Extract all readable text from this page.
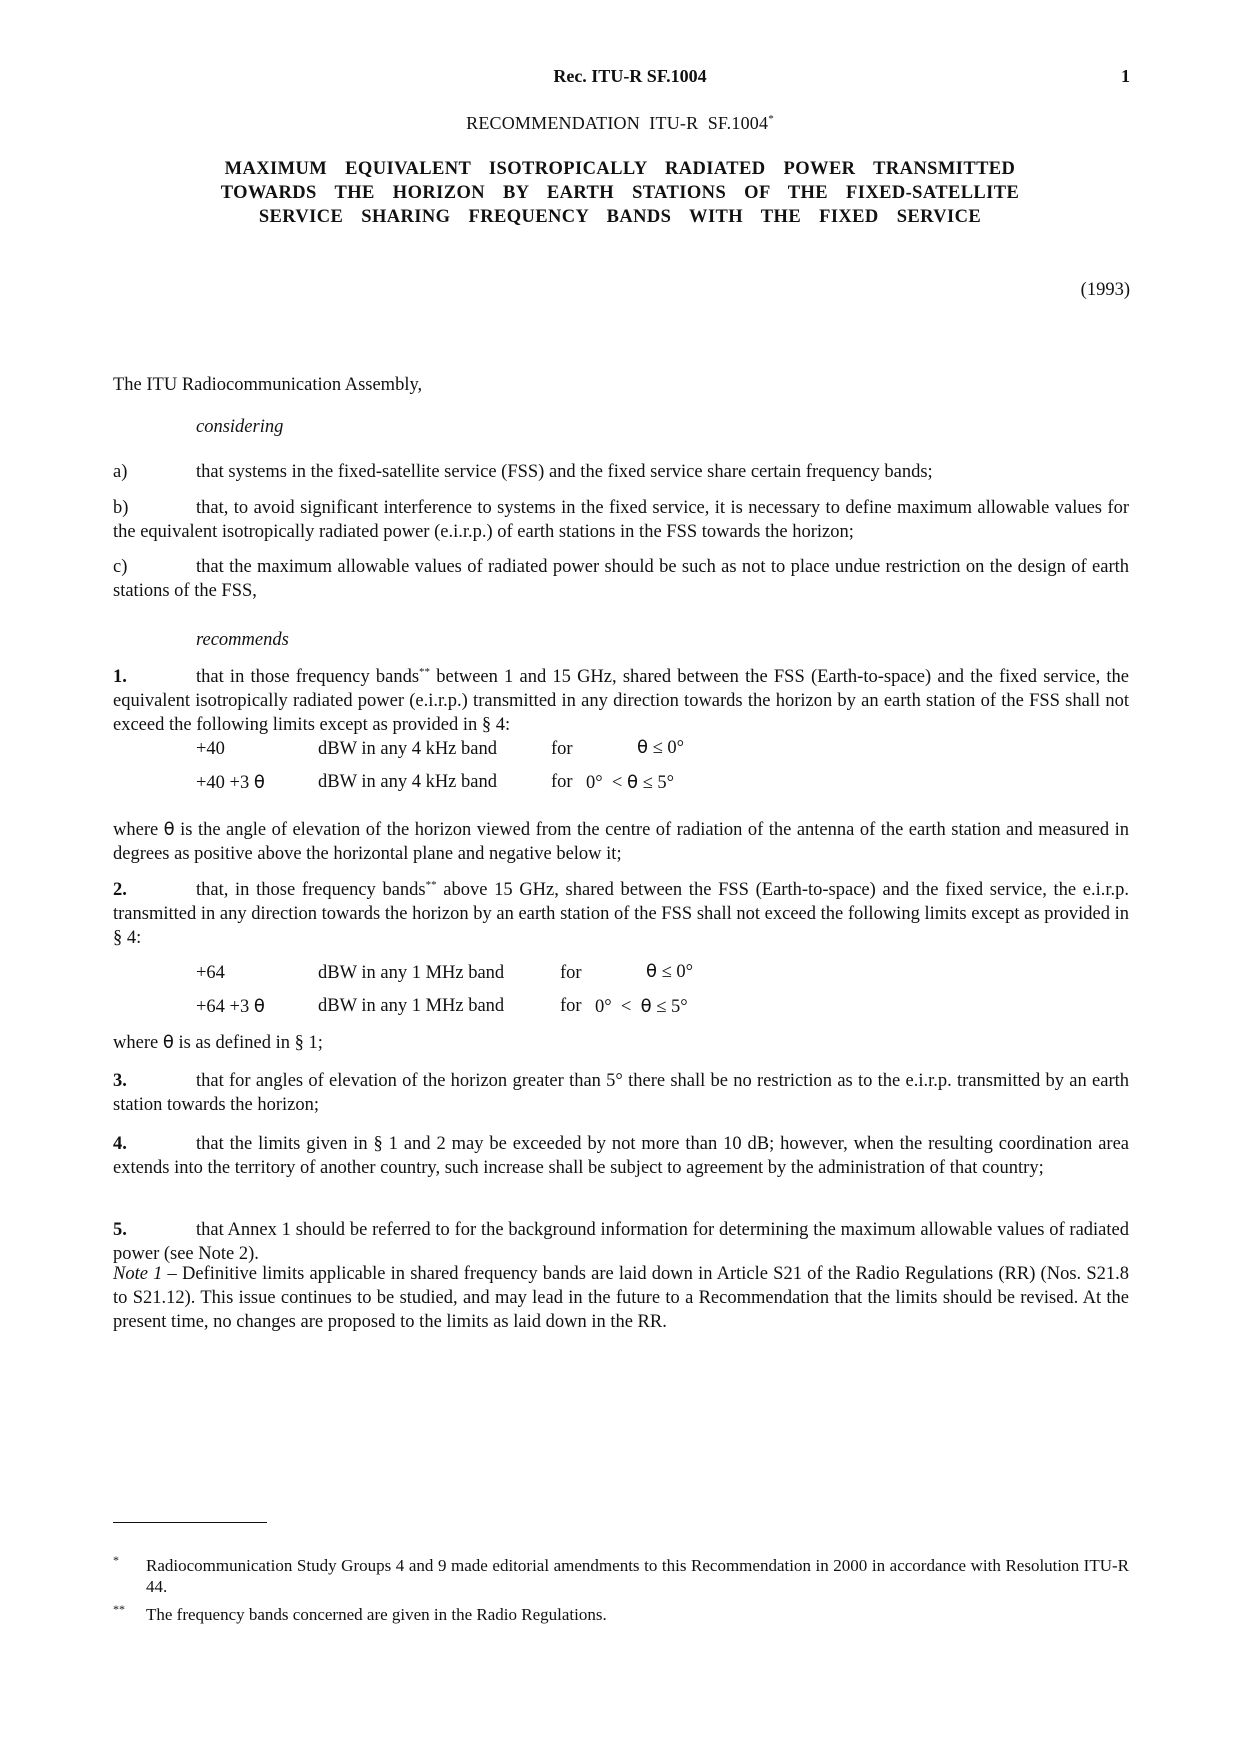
Rec. ITU-R SF.1004	1
RECOMMENDATION  ITU-R  SF.1004*
MAXIMUM  EQUIVALENT  ISOTROPICALLY  RADIATED  POWER  TRANSMITTED
TOWARDS  THE  HORIZON  BY  EARTH  STATIONS  OF  THE  FIXED-SATELLITE
SERVICE  SHARING  FREQUENCY  BANDS  WITH  THE  FIXED  SERVICE
(1993)
The ITU Radiocommunication Assembly,
considering
a)	that systems in the fixed-satellite service (FSS) and the fixed service share certain frequency bands;
b)	that, to avoid significant interference to systems in the fixed service, it is necessary to define maximum allowable values for the equivalent isotropically radiated power (e.i.r.p.) of earth stations in the FSS towards the horizon;
c)	that the maximum allowable values of radiated power should be such as not to place undue restriction on the design of earth stations of the FSS,
recommends
1.	that in those frequency bands** between 1 and 15 GHz, shared between the FSS (Earth-to-space) and the fixed service, the equivalent isotropically radiated power (e.i.r.p.) transmitted in any direction towards the horizon by an earth station of the FSS shall not exceed the following limits except as provided in § 4:
+40	dBW in any 4 kHz band	for	θ ≤ 0°
+40 +3 θ	dBW in any 4 kHz band	for 0°  < θ ≤ 5°
where θ is the angle of elevation of the horizon viewed from the centre of radiation of the antenna of the earth station and measured in degrees as positive above the horizontal plane and negative below it;
2.	that, in those frequency bands** above 15 GHz, shared between the FSS (Earth-to-space) and the fixed service, the e.i.r.p. transmitted in any direction towards the horizon by an earth station of the FSS shall not exceed the following limits except as provided in § 4:
+64	dBW in any 1 MHz band	for	θ ≤ 0°
+64 +3 θ	dBW in any 1 MHz band	for 0°  <  θ ≤ 5°
where θ is as defined in § 1;
3.	that for angles of elevation of the horizon greater than 5° there shall be no restriction as to the e.i.r.p. transmitted by an earth station towards the horizon;
4.	that the limits given in § 1 and 2 may be exceeded by not more than 10 dB; however, when the resulting coordination area extends into the territory of another country, such increase shall be subject to agreement by the administration of that country;
5.	that Annex 1 should be referred to for the background information for determining the maximum allowable values of radiated power (see Note 2).
Note 1 – Definitive limits applicable in shared frequency bands are laid down in Article S21 of the Radio Regulations (RR) (Nos. S21.8 to S21.12). This issue continues to be studied, and may lead in the future to a Recommendation that the limits should be revised. At the present time, no changes are proposed to the limits as laid down in the RR.
* Radiocommunication Study Groups 4 and 9 made editorial amendments to this Recommendation in 2000 in accordance with Resolution ITU-R 44.
** The frequency bands concerned are given in the Radio Regulations.
